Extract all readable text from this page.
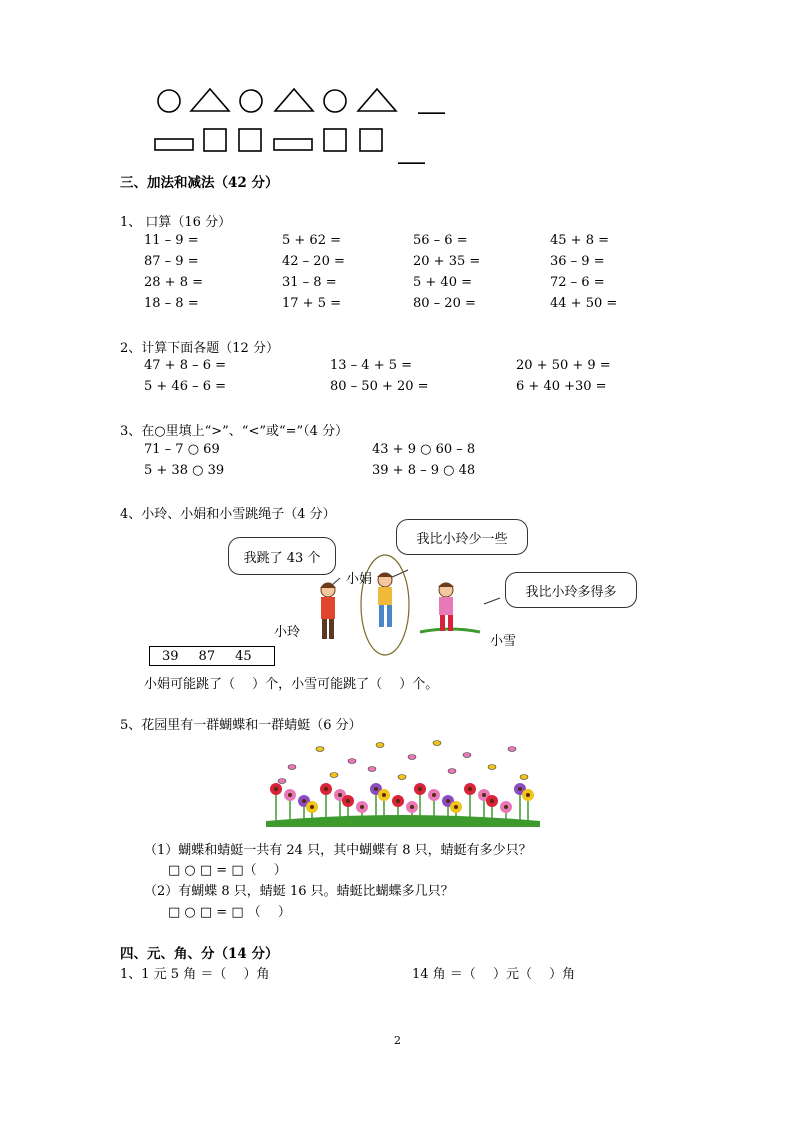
___
___
三、加法和减法（42 分）
1、 口算（16 分）
11 – 9 =	5 + 62 =	56 – 6 =	45 + 8 =
87 – 9 =	42 – 20 =	20 + 35 =	36 – 9 =
28 + 8 =	31 – 8 =	5 + 40 =	72 – 6 =
18 – 8 =	17 + 5 =	80 – 20 =	44 + 50 =
2、计算下面各题（12 分）
47 + 8 – 6 =	13 – 4 + 5 =	20 + 50 + 9 =
5 + 46 – 6 =	80 – 50 + 20 =	6 + 40 +30 =
3、在○里填上“>”、“<”或“=”（4 分）
71 – 7 ○ 69	43 + 9 ○ 60 – 8
5 + 38 ○ 39	39 + 8 – 9 ○ 48
4、小玲、小娟和小雪跳绳子（4 分）
我跳了 43 个
我比小玲少一些
我比小玲多得多
小娟
小玲
小雪
39 87 45
小娟可能跳了（　 ）个，小雪可能跳了（　 ）个。
5、花园里有一群蝴蝶和一群蜻蜓（6 分）
（1）蝴蝶和蜻蜓一共有 24 只，其中蝴蝶有 8 只，蜻蜓有多少只？
□ ○ □ = □（　 ）
（2）有蝴蝶 8 只，蜻蜓 16 只。蜻蜓比蝴蝶多几只？
□ ○ □ = □ （　 ）
四、元、角、分（14 分）
1、1 元 5 角 ＝（　 ）角	14 角 ＝（　 ）元（　 ）角
2
